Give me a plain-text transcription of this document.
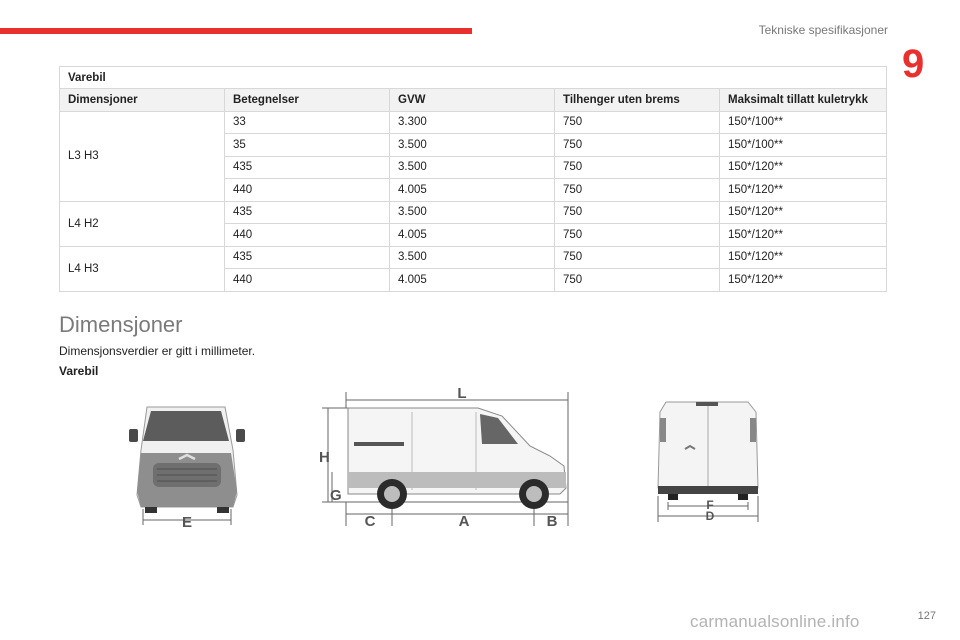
Tekniske spesifikasjoner
9
Varebil				
Dimensjoner	Betegnelser	GVW	Tilhenger uten brems	Maksimalt tillatt kuletrykk
L3 H3	33	3.300	750	150*/100**
	35	3.500	750	150*/100**
	435	3.500	750	150*/120**
	440	4.005	750	150*/120**
L4 H2	435	3.500	750	150*/120**
	440	4.005	750	150*/120**
L4 H3	435	3.500	750	150*/120**
	440	4.005	750	150*/120**
Dimensjoner
Dimensjonsverdier er gitt i millimeter.
Varebil
E
L
H
G
C	A	B
F
D
carmanualsonline.info	127
